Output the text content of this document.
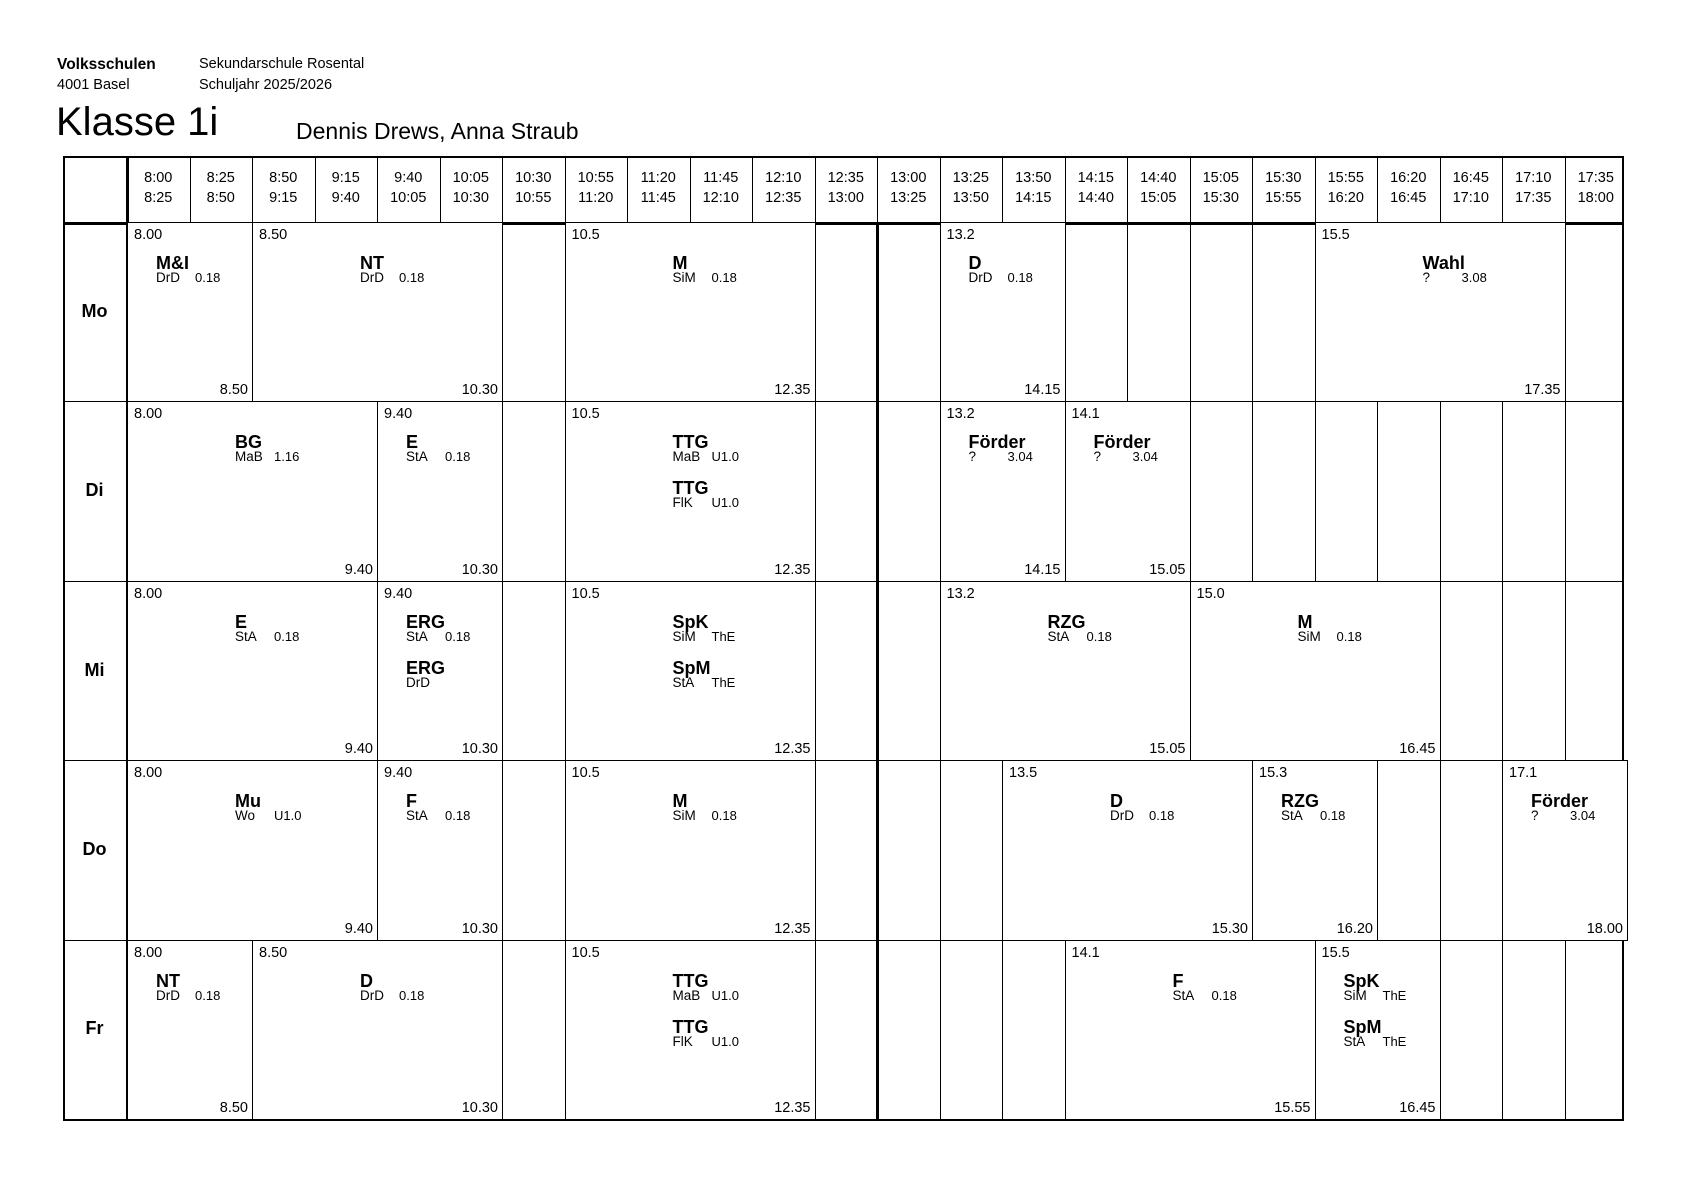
Volksschulen
4001 Basel
Sekundarschule Rosental
Schuljahr 2025/2026
Klasse 1i	Dennis Drews, Anna Straub
8:00
8:25
8:25
8:50
8:50
9:15
9:15
9:40
9:40
10:05
10:05
10:30
10:30
10:55
10:55
11:20
11:20
11:45
11:45
12:10
12:10
12:35
12:35
13:00
13:00
13:25
13:25
13:50
13:50
14:15
14:15
14:40
14:40
15:05
15:05
15:30
15:30
15:55
15:55
16:20
16:20
16:45
16:45
17:10
17:10
17:35
17:35
18:00
Mo
Di
Mi
Do
Fr
8.00
8.50
M&I
DrD 0.18
8.50
10.30
NT
DrD 0.18
10.5
12.35
M
SiM 0.18
13.2
14.15
D
DrD 0.18
15.5
17.35
Wahl
? 3.08
8.00
9.40
BG
MaB 1.16
9.40
10.30
E
StA 0.18
10.5
12.35
TTG
MaB U1.0
TTG
FlK U1.0
13.2
14.15
Förder
? 3.04
14.1
15.05
Förder
? 3.04
8.00
9.40
E
StA 0.18
9.40
10.30
ERG
StA 0.18
ERG
DrD
10.5
12.35
SpK
SiM ThE
SpM
StA ThE
13.2
15.05
RZG
StA 0.18
15.0
16.45
M
SiM 0.18
8.00
9.40
Mu
Wo U1.0
9.40
10.30
F
StA 0.18
10.5
12.35
M
SiM 0.18
13.5
15.30
D
DrD 0.18
15.3
16.20
RZG
StA 0.18
17.1
18.00
Förder
? 3.04
8.00
8.50
NT
DrD 0.18
8.50
10.30
D
DrD 0.18
10.5
12.35
TTG
MaB U1.0
TTG
FlK U1.0
14.1
15.55
F
StA 0.18
15.5
16.45
SpK
SiM ThE
SpM
StA ThE
